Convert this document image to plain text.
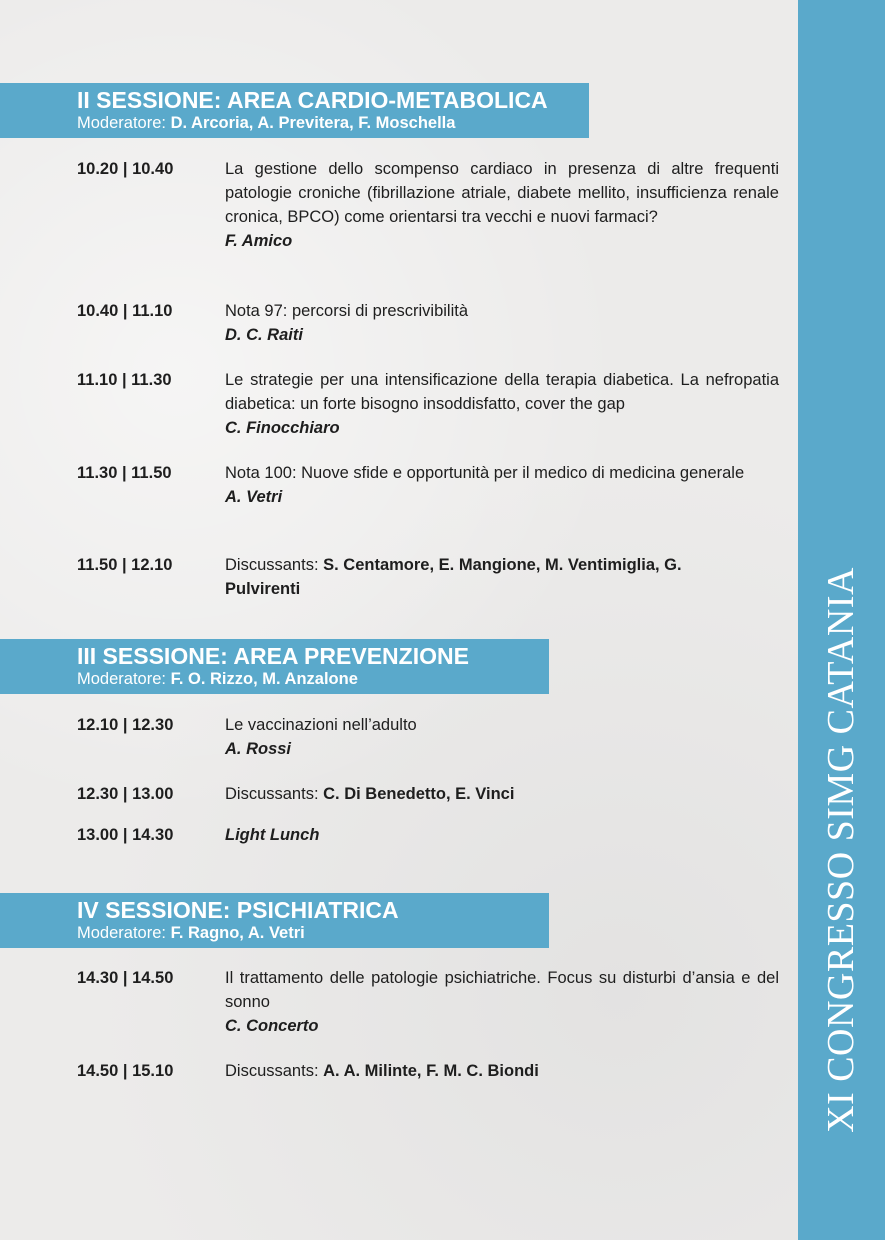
XI CONGRESSO SIMG CATANIA
II SESSIONE: AREA CARDIO-METABOLICA
Moderatore: D. Arcoria, A. Previtera, F. Moschella
10.20 | 10.40	La gestione dello scompenso cardiaco in presenza di altre frequenti patologie croniche (fibrillazione atriale, diabete mellito, insufficienza renale cronica, BPCO) come orientarsi tra vecchi e nuovi farmaci?
F. Amico
10.40 | 11.10	Nota 97: percorsi di prescrivibilità
D. C. Raiti
11.10 | 11.30	Le strategie per una intensificazione della terapia diabetica. La nefropatia diabetica: un forte bisogno insoddisfatto, cover the gap
C. Finocchiaro
11.30 | 11.50	Nota 100: Nuove sfide e opportunità per il medico di medicina generale
A. Vetri
11.50 | 12.10	Discussants: S. Centamore, E. Mangione, M. Ventimiglia, G. Pulvirenti
III SESSIONE: AREA PREVENZIONE
Moderatore: F. O. Rizzo, M. Anzalone
12.10 | 12.30	Le vaccinazioni nell’adulto
A. Rossi
12.30 | 13.00	Discussants: C. Di Benedetto, E. Vinci
13.00 | 14.30	Light Lunch
IV SESSIONE: PSICHIATRICA
Moderatore: F. Ragno, A. Vetri
14.30 | 14.50	Il trattamento delle patologie psichiatriche. Focus su disturbi d’ansia e del sonno
C. Concerto
14.50 | 15.10	Discussants: A. A. Milinte, F. M. C. Biondi
